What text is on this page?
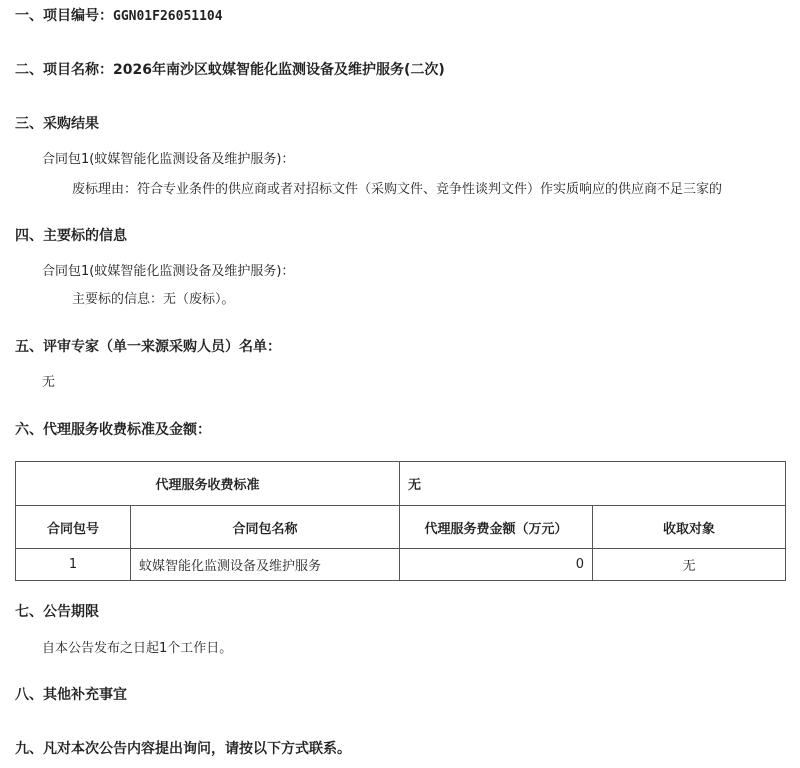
一、项目编号：GGN01F26051104
二、项目名称：2026年南沙区蚊媒智能化监测设备及维护服务(二次)
三、采购结果
合同包1(蚊媒智能化监测设备及维护服务)：
废标理由：符合专业条件的供应商或者对招标文件（采购文件、竞争性谈判文件）作实质响应的供应商不足三家的
四、主要标的信息
合同包1(蚊媒智能化监测设备及维护服务)：
主要标的信息：无（废标）。
五、评审专家（单一来源采购人员）名单：
无
六、代理服务收费标准及金额：
代理服务收费标准		无	
合同包号	合同包名称	代理服务费金额（万元）	收取对象
1	蚊媒智能化监测设备及维护服务	0	无
七、公告期限
自本公告发布之日起1个工作日。
八、其他补充事宜
九、凡对本次公告内容提出询问，请按以下方式联系。
